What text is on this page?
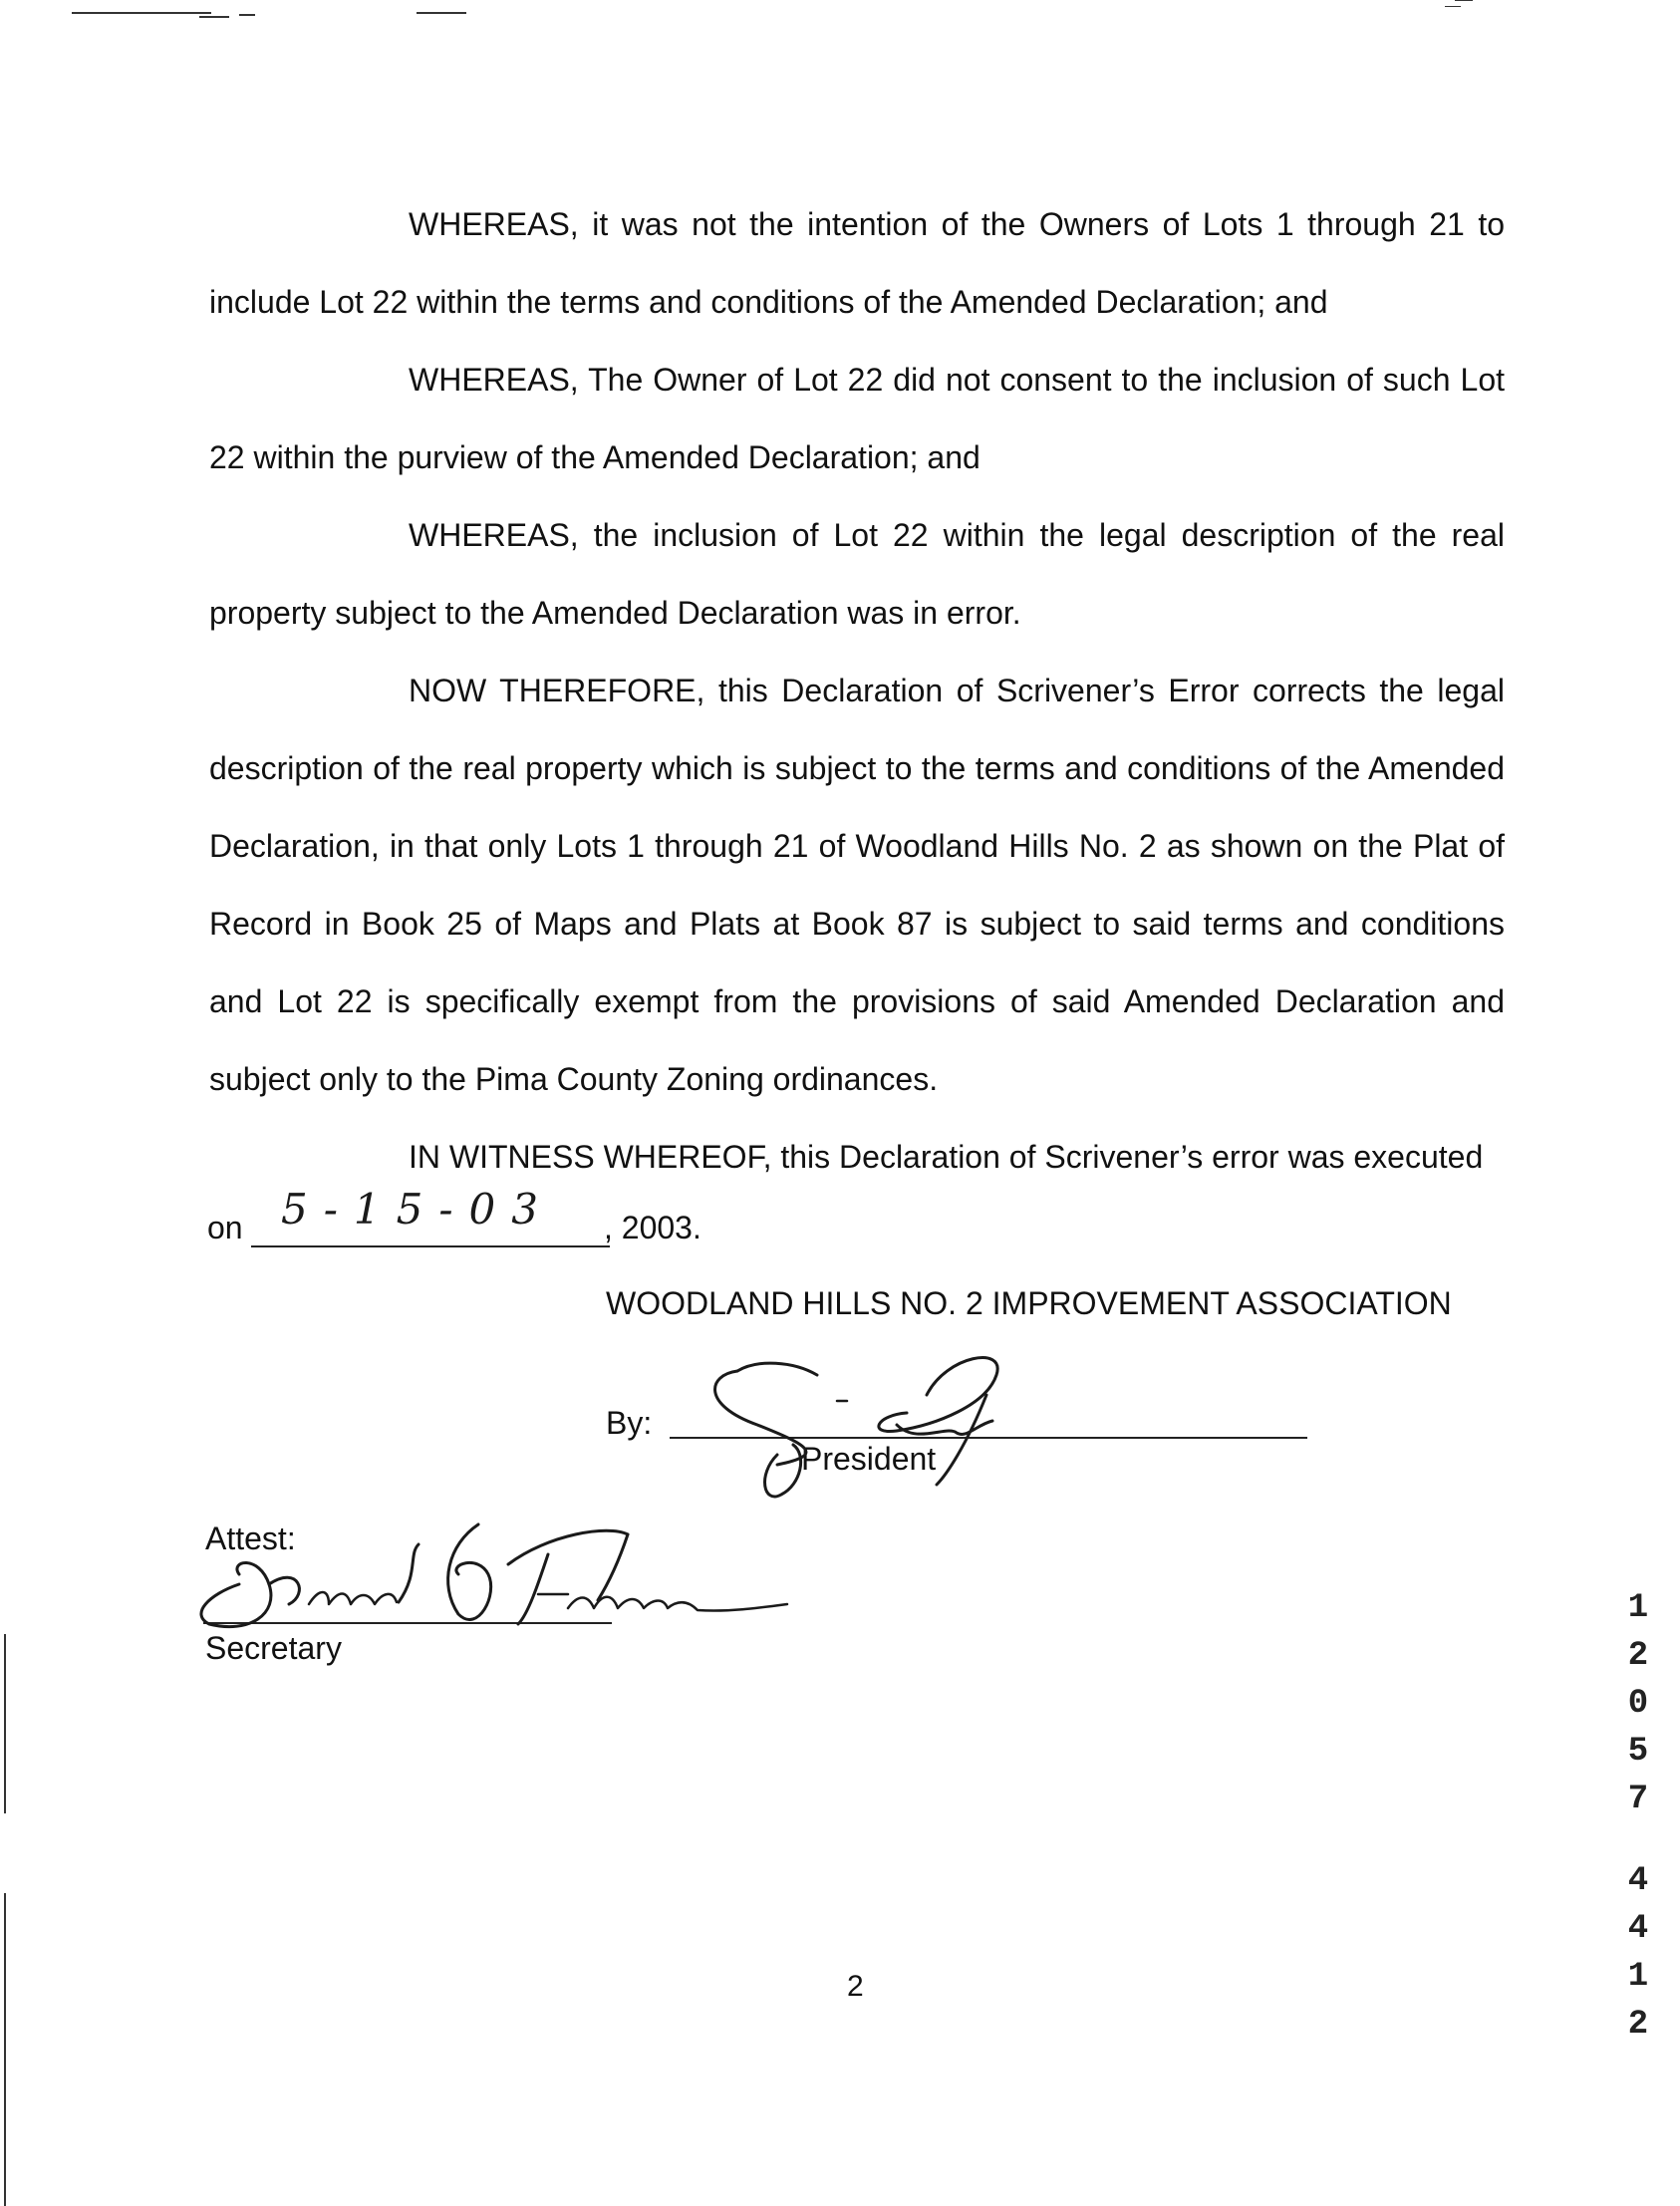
WHEREAS, it was not the intention of the Owners of Lots 1 through 21 to include Lot 22 within the terms and conditions of the Amended Declaration; and

WHEREAS, The Owner of Lot 22 did not consent to the inclusion of such Lot 22 within the purview of the Amended Declaration; and

WHEREAS, the inclusion of Lot 22 within the legal description of the real property subject to the Amended Declaration was in error.

NOW THEREFORE, this Declaration of Scrivener’s Error corrects the legal description of the real property which is subject to the terms and conditions of the Amended Declaration, in that only Lots 1 through 21 of Woodland Hills No. 2 as shown on the Plat of Record in Book 25 of Maps and Plats at Book 87 is subject to said terms and conditions and Lot 22 is specifically exempt from the provisions of said Amended Declaration and subject only to the Pima County Zoning ordinances.

IN WITNESS WHEREOF, this Declaration of Scrivener’s error was executed

on 5-15-03 , 2003.
WOODLAND HILLS NO. 2 IMPROVEMENT ASSOCIATION
By:
President
Attest:
Secretary
2
1
2
0
5
7
4
4
1
2
